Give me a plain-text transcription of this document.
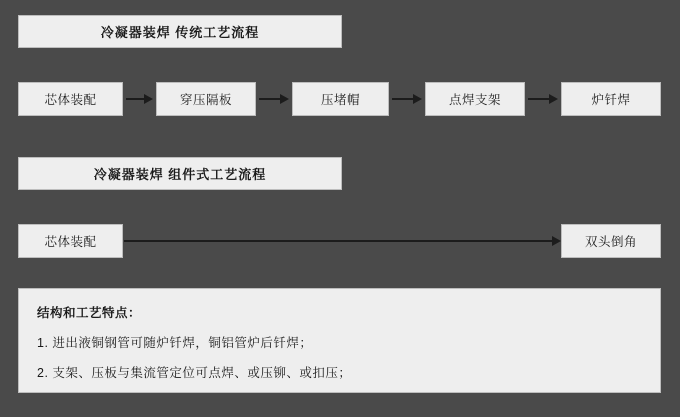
冷凝器装焊 传统工艺流程
芯体装配	穿压隔板	压堵帽	点焊支架	炉钎焊
冷凝器装焊 组件式工艺流程
芯体装配	双头倒角
结构和工艺特点：
1. 进出液铜钢管可随炉钎焊，铜铝管炉后钎焊；
2. 支架、压板与集流管定位可点焊、或压铆、或扣压；
